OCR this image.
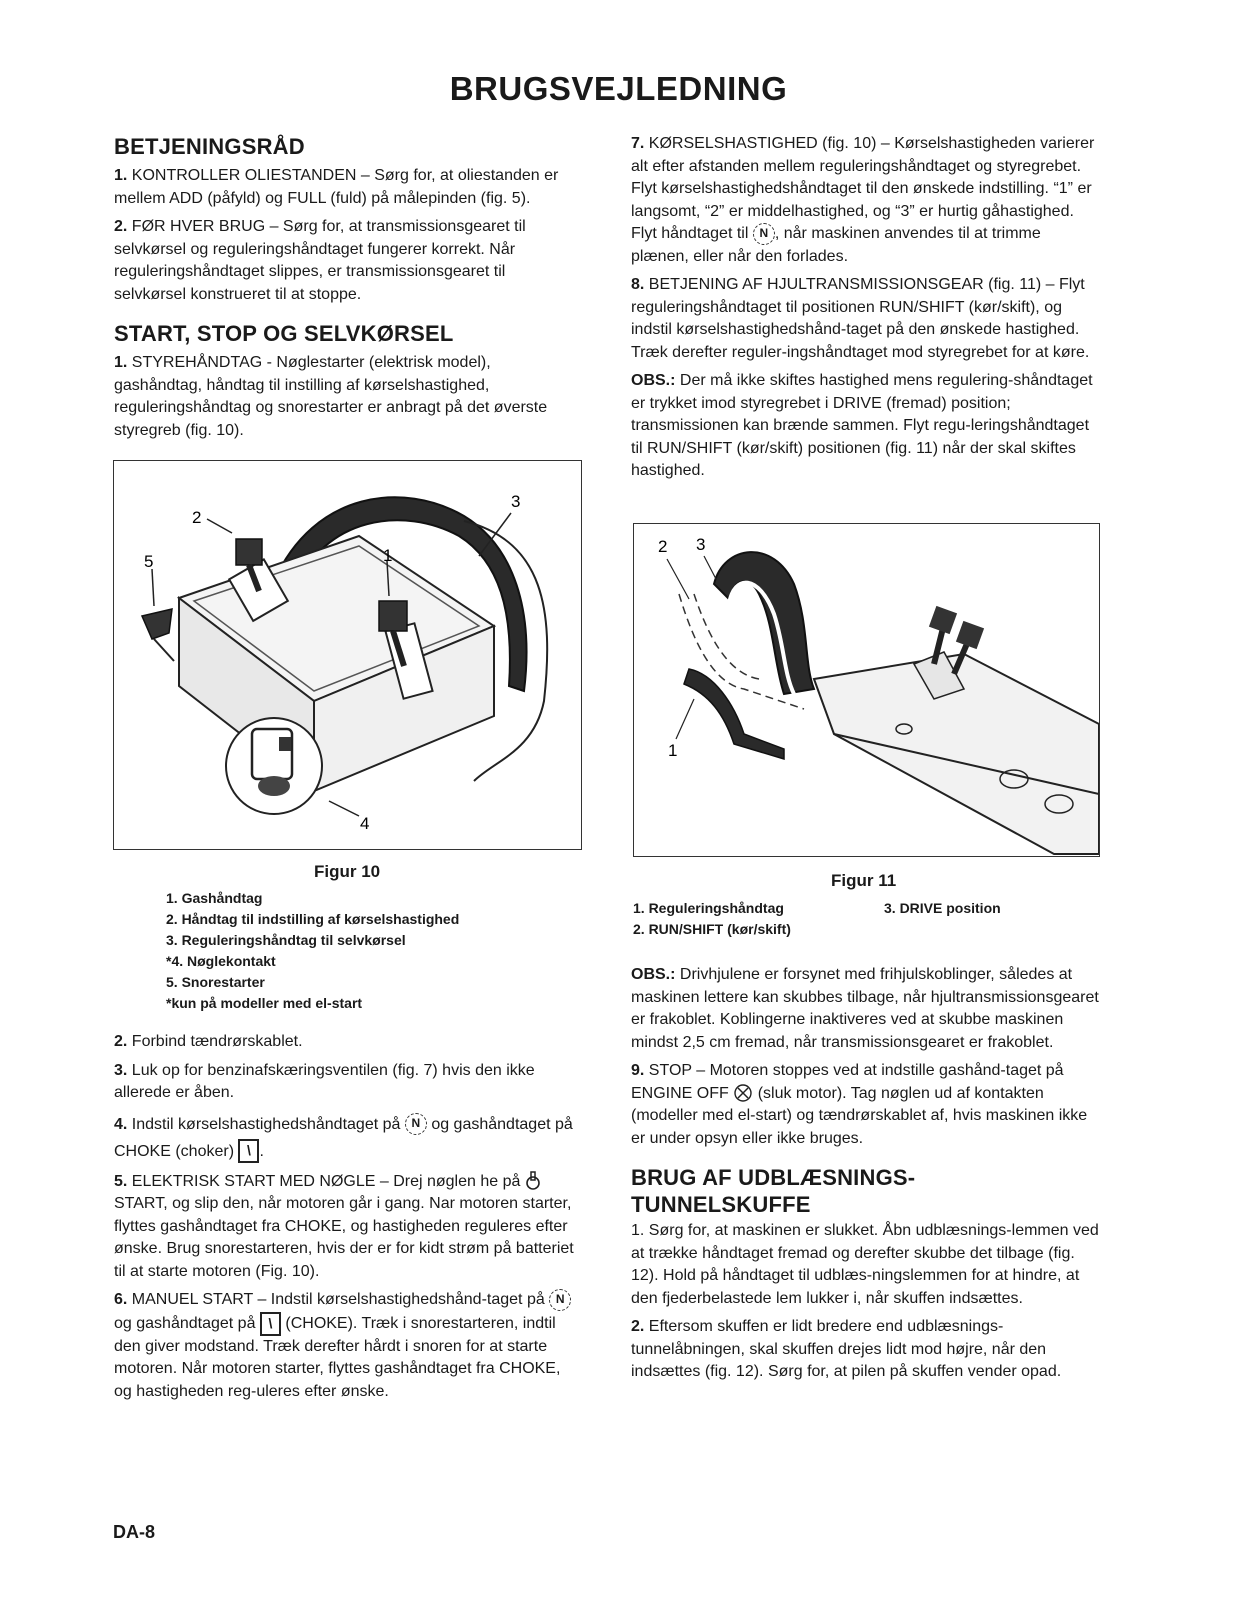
BRUGSVEJLEDNING
BETJENINGSRÅD

1. KONTROLLER OLIESTANDEN – Sørg for, at oliestanden er mellem ADD (påfyld) og FULL (fuld) på målepinden (fig. 5).

2. FØR HVER BRUG – Sørg for, at transmissionsgearet til selvkørsel og reguleringshåndtaget fungerer korrekt. Når reguleringshåndtaget slippes, er transmissionsgearet til selvkørsel konstrueret til at stoppe.

START, STOP OG SELVKØRSEL

1. STYREHÅNDTAG - Nøglestarter (elektrisk model), gashåndtag, håndtag til instilling af kørselshastighed, reguleringshåndtag og snorestarter er anbragt på det øverste styregreb (fig. 10).

2
3
5	1
4
Figur 10
1. Gashåndtag
2. Håndtag til indstilling af kørselshastighed
3. Reguleringshåndtag til selvkørsel
*4. Nøglekontakt
5. Snorestarter
*kun på modeller med el-start

2. Forbind tændrørskablet.

3. Luk op for benzinafskæringsventilen (fig. 7) hvis den ikke allerede er åben.

4. Indstil kørselshastighedshåndtaget på N og gashåndtaget på CHOKE (choker) \ .

5. ELEKTRISK START MED NØGLE – Drej nøglen he på  START, og slip den, når motoren går i gang. Nar motoren starter, flyttes gashåndtaget fra CHOKE, og hastigheden reguleres efter ønske. Brug snorestarteren, hvis der er for kidt strøm på batteriet til at starte motoren (Fig. 10).

6. MANUEL START – Indstil kørselshastighedshånd-taget på N og gashåndtaget på \ (CHOKE). Træk i snorestarteren, indtil den giver modstand. Træk derefter hårdt i snoren for at starte motoren. Når motoren starter, flyttes gashåndtaget fra CHOKE, og hastigheden reg-uleres efter ønske.

7. KØRSELSHASTIGHED (fig. 10) – Kørselshastigheden varierer alt efter afstanden mellem reguleringshåndtaget og styregrebet. Flyt kørselshastighedshåndtaget til den ønskede indstilling. “1” er langsomt, “2” er middelhastighed, og “3” er hurtig gåhastighed. Flyt håndtaget til N , når maskinen anvendes til at trimme plænen, eller når den forlades.

8. BETJENING AF HJULTRANSMISSIONSGEAR (fig. 11) – Flyt reguleringshåndtaget til positionen RUN/SHIFT (kør/skift), og indstil kørselshastighedshånd-taget på den ønskede hastighed. Træk derefter reguler-ingshåndtaget mod styregrebet for at køre.

OBS.: Der må ikke skiftes hastighed mens regulering-shåndtaget er trykket imod styregrebet i DRIVE (fremad) position; transmissionen kan brænde sammen. Flyt regu-leringshåndtaget til RUN/SHIFT (kør/skift) positionen (fig. 11) når der skal skiftes hastighed.

2 3
1
Figur 11
1. Reguleringshåndtag
2. RUN/SHIFT (kør/skift)
3. DRIVE position

OBS.: Drivhjulene er forsynet med frihjulskoblinger, således at maskinen lettere kan skubbes tilbage, når hjultransmissionsgearet er frakoblet. Koblingerne inaktiveres ved at skubbe maskinen mindst 2,5 cm fremad, når transmissionsgearet er frakoblet.

9. STOP – Motoren stoppes ved at indstille gashånd-taget på ENGINE OFF (sluk motor). Tag nøglen ud af kontakten (modeller med el-start) og tændrørskablet af, hvis maskinen ikke er under opsyn eller ikke bruges.

BRUG AF UDBLÆSNINGS-
TUNNELSKUFFE

1. Sørg for, at maskinen er slukket. Åbn udblæsnings-lemmen ved at trække håndtaget fremad og derefter skubbe det tilbage (fig. 12). Hold på håndtaget til udblæs-ningslemmen for at hindre, at den fjederbelastede lem lukker i, når skuffen indsættes.

2. Eftersom skuffen er lidt bredere end udblæsnings-tunnelåbningen, skal skuffen drejes lidt mod højre, når den indsættes (fig. 12). Sørg for, at pilen på skuffen vender opad.

DA-8
